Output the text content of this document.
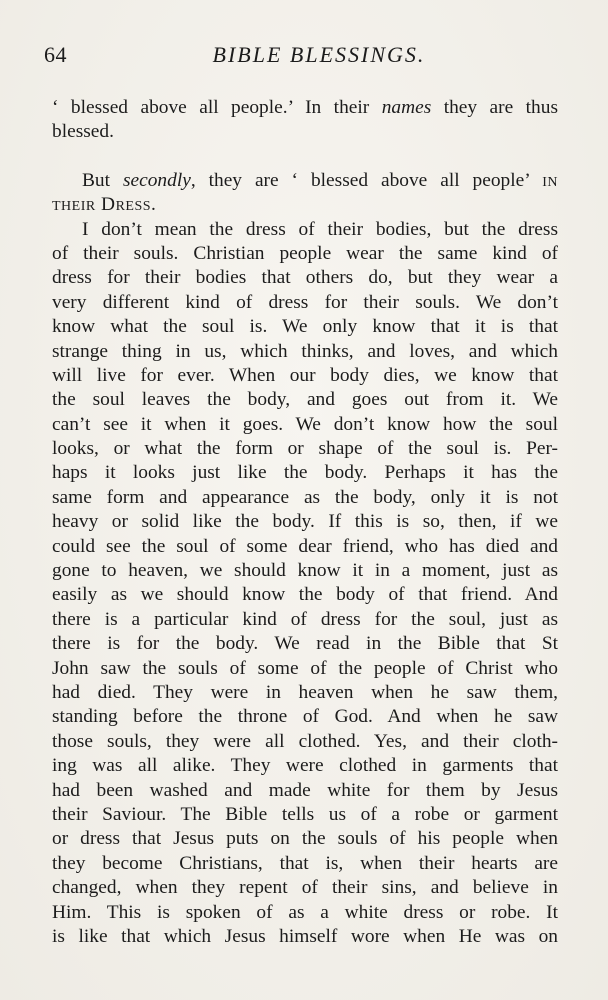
64	BIBLE BLESSINGS.
‘ blessed above all people.’ In their names they are thus
blessed.
But secondly, they are ‘ blessed above all people’ in
their Dress.
I don’t mean the dress of their bodies, but the dress
of their souls. Christian people wear the same kind of
dress for their bodies that others do, but they wear a
very different kind of dress for their souls. We don’t
know what the soul is. We only know that it is that
strange thing in us, which thinks, and loves, and which
will live for ever. When our body dies, we know that
the soul leaves the body, and goes out from it. We
can’t see it when it goes. We don’t know how the soul
looks, or what the form or shape of the soul is. Per-
haps it looks just like the body. Perhaps it has the
same form and appearance as the body, only it is not
heavy or solid like the body. If this is so, then, if we
could see the soul of some dear friend, who has died and
gone to heaven, we should know it in a moment, just as
easily as we should know the body of that friend. And
there is a particular kind of dress for the soul, just as
there is for the body. We read in the Bible that St
John saw the souls of some of the people of Christ who
had died. They were in heaven when he saw them,
standing before the throne of God. And when he saw
those souls, they were all clothed. Yes, and their cloth-
ing was all alike. They were clothed in garments that
had been washed and made white for them by Jesus
their Saviour. The Bible tells us of a robe or garment
or dress that Jesus puts on the souls of his people when
they become Christians, that is, when their hearts are
changed, when they repent of their sins, and believe in
Him. This is spoken of as a white dress or robe. It
is like that which Jesus himself wore when He was on
